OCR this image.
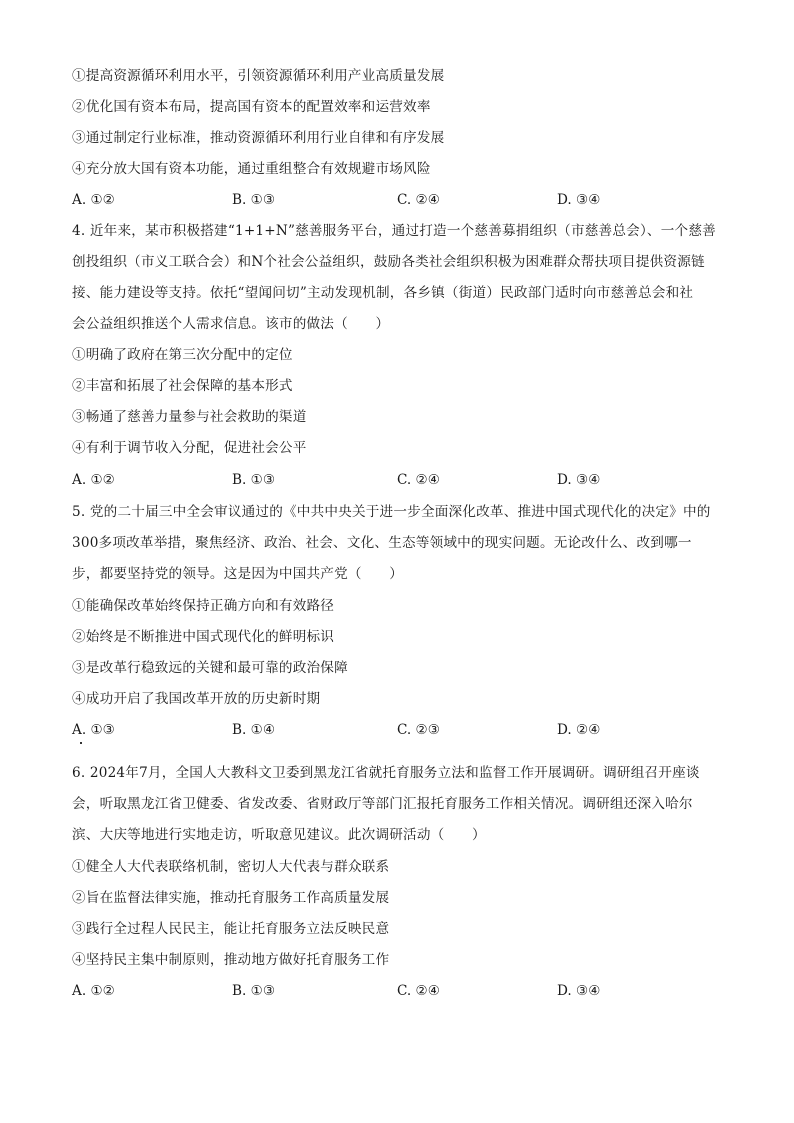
①提高资源循环利用水平，引领资源循环利用产业高质量发展
②优化国有资本布局，提高国有资本的配置效率和运营效率
③通过制定行业标准，推动资源循环利用行业自律和有序发展
④充分放大国有资本功能，通过重组整合有效规避市场风险
A. ①②	B. ①③	C. ②④	D. ③④
4. 近年来，某市积极搭建“1+1+N”慈善服务平台，通过打造一个慈善募捐组织（市慈善总会）、一个慈善
创投组织（市义工联合会）和N个社会公益组织，鼓励各类社会组织积极为困难群众帮扶项目提供资源链
接、能力建设等支持。依托“望闻问切”主动发现机制，各乡镇（街道）民政部门适时向市慈善总会和社
会公益组织推送个人需求信息。该市的做法（　　）
①明确了政府在第三次分配中的定位
②丰富和拓展了社会保障的基本形式
③畅通了慈善力量参与社会救助的渠道
④有利于调节收入分配，促进社会公平
A. ①②	B. ①③	C. ②④	D. ③④
5. 党的二十届三中全会审议通过的《中共中央关于进一步全面深化改革、推进中国式现代化的决定》中的
300多项改革举措，聚焦经济、政治、社会、文化、生态等领域中的现实问题。无论改什么、改到哪一
步，都要坚持党的领导。这是因为中国共产党（　　）
①能确保改革始终保持正确方向和有效路径
②始终是不断推进中国式现代化的鲜明标识
③是改革行稳致远的关键和最可靠的政治保障
④成功开启了我国改革开放的历史新时期
A. ①③	B. ①④	C. ②③	D. ②④
6. 2024年7月，全国人大教科文卫委到黑龙江省就托育服务立法和监督工作开展调研。调研组召开座谈
会，听取黑龙江省卫健委、省发改委、省财政厅等部门汇报托育服务工作相关情况。调研组还深入哈尔
滨、大庆等地进行实地走访，听取意见建议。此次调研活动（　　）
①健全人大代表联络机制，密切人大代表与群众联系
②旨在监督法律实施，推动托育服务工作高质量发展
③践行全过程人民民主，能让托育服务立法反映民意
④坚持民主集中制原则，推动地方做好托育服务工作
A. ①②	B. ①③	C. ②④	D. ③④
